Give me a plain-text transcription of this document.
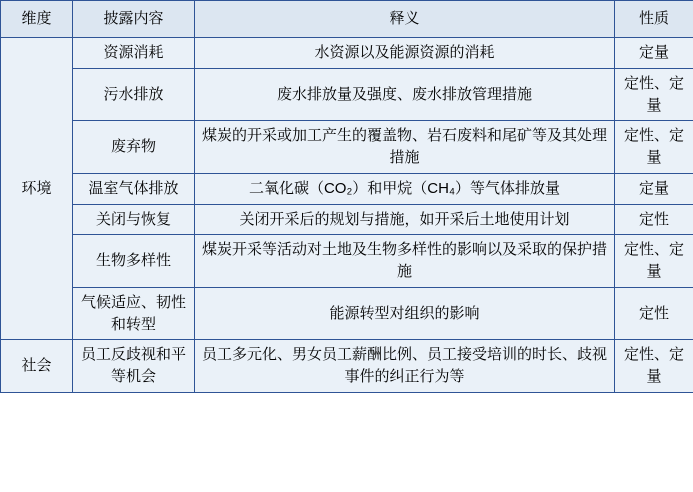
维度	披露内容	释义	性质
环境	资源消耗	水资源以及能源资源的消耗	定量
	污水排放	废水排放量及强度、废水排放管理措施	定性、定量
	废弃物	煤炭的开采或加工产生的覆盖物、岩石废料和尾矿等及其处理措施	定性、定量
	温室气体排放	二氧化碳（CO₂）和甲烷（CH₄）等气体排放量	定量
	关闭与恢复	关闭开采后的规划与措施，如开采后土地使用计划	定性
	生物多样性	煤炭开采等活动对土地及生物多样性的影响以及采取的保护措施	定性、定量
	气候适应、韧性和转型	能源转型对组织的影响	定性
社会	员工反歧视和平等机会	员工多元化、男女员工薪酬比例、员工接受培训的时长、歧视事件的纠正行为等	定性、定量
